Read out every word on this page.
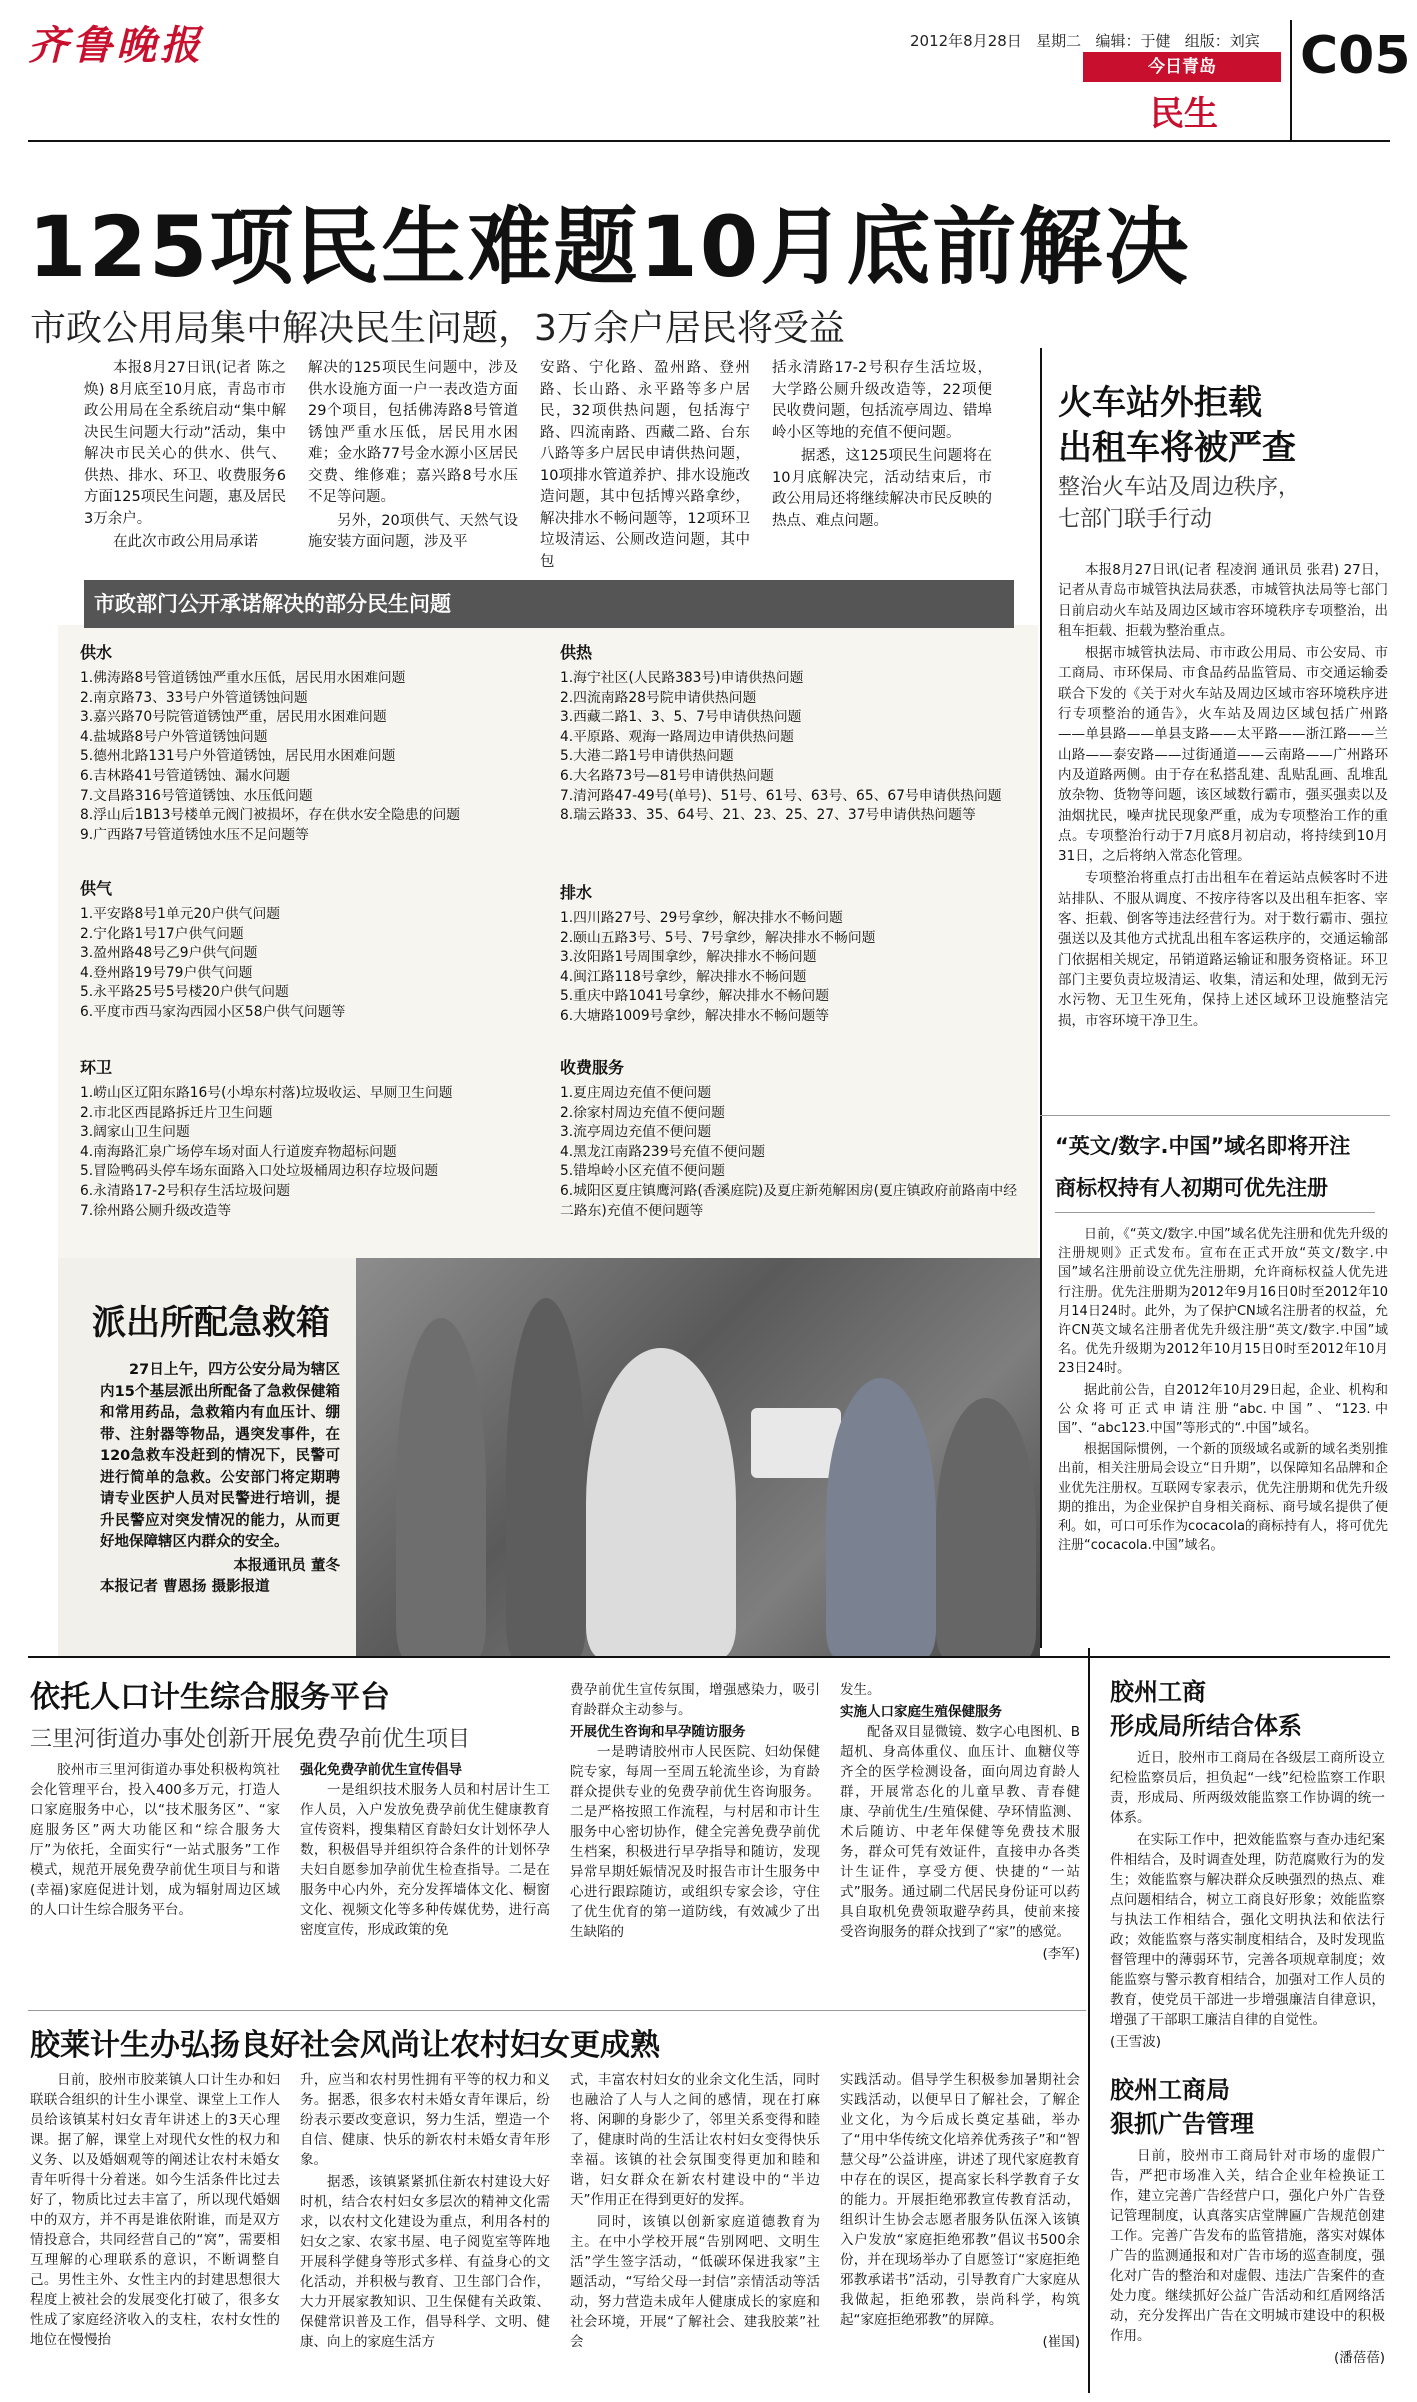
齐鲁晚报	2012年8月28日 星期二 编辑：于健 组版：刘宾
今日青岛
民生
C05
125项民生难题10月底前解决
市政公用局集中解决民生问题，3万余户居民将受益

本报8月27日讯(记者 陈之焕) 8月底至10月底，青岛市市政公用局在全系统启动“集中解决民生问题大行动”活动，集中解决市民关心的供水、供气、供热、排水、环卫、收费服务6方面125项民生问题，惠及居民3万余户。

在此次市政公用局承诺

解决的125项民生问题中，涉及供水设施方面一户一表改造方面29个项目，包括佛涛路8号管道锈蚀严重水压低，居民用水困难；金水路77号金水源小区居民交费、维修难；嘉兴路8号水压不足等问题。

另外，20项供气、天然气设施安装方面问题，涉及平

安路、宁化路、盈州路、登州路、长山路、永平路等多户居民，32项供热问题，包括海宁路、四流南路、西藏二路、台东八路等多户居民申请供热问题，10项排水管道养护、排水设施改造问题，其中包括博兴路拿纱，解决排水不畅问题等，12项环卫垃圾清运、公厕改造问题，其中包

括永清路17-2号积存生活垃圾，大学路公厕升级改造等，22项便民收费问题，包括流亭周边、错埠岭小区等地的充值不便问题。

据悉，这125项民生问题将在10月底解决完，活动结束后，市政公用局还将继续解决市民反映的热点、难点问题。

市政部门公开承诺解决的部分民生问题
供水
1.佛涛路8号管道锈蚀严重水压低，居民用水困难问题
2.南京路73、33号户外管道锈蚀问题
3.嘉兴路70号院管道锈蚀严重，居民用水困难问题
4.盐城路8号户外管道锈蚀问题
5.德州北路131号户外管道锈蚀，居民用水困难问题
6.吉林路41号管道锈蚀、漏水问题
7.文昌路316号管道锈蚀、水压低问题
8.浮山后1B13号楼单元阀门被损坏，存在供水安全隐患的问题
9.广西路7号管道锈蚀水压不足问题等
供热
1.海宁社区(人民路383号)申请供热问题
2.四流南路28号院申请供热问题
3.西藏二路1、3、5、7号申请供热问题
4.平原路、观海一路周边申请供热问题
5.大港二路1号申请供热问题
6.大名路73号—81号申请供热问题
7.清河路47-49号(单号)、51号、61号、63号、65、67号申请供热问题
8.瑞云路33、35、64号、21、23、25、27、37号申请供热问题等
供气
1.平安路8号1单元20户供气问题
2.宁化路1号17户供气问题
3.盈州路48号乙9户供气问题
4.登州路19号79户供气问题
5.永平路25号5号楼20户供气问题
6.平度市西马家沟西园小区58户供气问题等
排水
1.四川路27号、29号拿纱，解决排水不畅问题
2.颐山五路3号、5号、7号拿纱，解决排水不畅问题
3.汝阳路1号周围拿纱，解决排水不畅问题
4.闽江路118号拿纱，解决排水不畅问题
5.重庆中路1041号拿纱，解决排水不畅问题
6.大塘路1009号拿纱，解决排水不畅问题等
环卫
1.崂山区辽阳东路16号(小埠东村落)垃圾收运、早厕卫生问题
2.市北区西昆路拆迁片卫生问题
3.阔家山卫生问题
4.南海路汇泉广场停车场对面人行道废弃物超标问题
5.冒险鸭码头停车场东面路入口处垃圾桶周边积存垃圾问题
6.永清路17-2号积存生活垃圾问题
7.徐州路公厕升级改造等
收费服务
1.夏庄周边充值不便问题
2.徐家村周边充值不便问题
3.流亭周边充值不便问题
4.黑龙江南路239号充值不便问题
5.错埠岭小区充值不便问题
6.城阳区夏庄镇鹰河路(香溪庭院)及夏庄新苑解困房(夏庄镇政府前路南中经二路东)充值不便问题等
派出所配急救箱

27日上午，四方公安分局为辖区内15个基层派出所配备了急救保健箱和常用药品，急救箱内有血压计、绷带、注射器等物品，遇突发事件，在120急救车没赶到的情况下，民警可进行简单的急救。公安部门将定期聘请专业医护人员对民警进行培训，提升民警应对突发情况的能力，从而更好地保障辖区内群众的安全。

本报通讯员 董冬
本报记者 曹恩扬 摄影报道
火车站外拒载
出租车将被严查
整治火车站及周边秩序，
七部门联手行动

本报8月27日讯(记者 程凌润 通讯员 张君) 27日，记者从青岛市城管执法局获悉，市城管执法局等七部门日前启动火车站及周边区域市容环境秩序专项整治，出租车拒载、拒载为整治重点。

根据市城管执法局、市市政公用局、市公安局、市工商局、市环保局、市食品药品监管局、市交通运输委联合下发的《关于对火车站及周边区域市容环境秩序进行专项整治的通告》，火车站及周边区域包括广州路——单县路——单县支路——太平路——浙江路——兰山路——泰安路——过街通道——云南路——广州路环内及道路两侧。由于存在私搭乱建、乱贴乱画、乱堆乱放杂物、货物等问题，该区域数行霸市，强买强卖以及油烟扰民，噪声扰民现象严重，成为专项整治工作的重点。专项整治行动于7月底8月初启动，将持续到10月31日，之后将纳入常态化管理。

专项整治将重点打击出租车在着运站点候客时不进站排队、不服从调度、不按序待客以及出租车拒客、宰客、拒载、倒客等违法经营行为。对于数行霸市、强拉强送以及其他方式扰乱出租车客运秩序的，交通运输部门依据相关规定，吊销道路运输证和服务资格证。环卫部门主要负责垃圾清运、收集，清运和处理，做到无污水污物、无卫生死角，保持上述区域环卫设施整洁完损，市容环境干净卫生。

“英文/数字.中国”域名即将开注
商标权持有人初期可优先注册

日前，《“英文/数字.中国”域名优先注册和优先升级的注册规则》正式发布。宣布在正式开放“英文/数字.中国”域名注册前设立优先注册期，允许商标权益人优先进行注册。优先注册期为2012年9月16日0时至2012年10月14日24时。此外，为了保护CN域名注册者的权益，允许CN英文域名注册者优先升级注册“英文/数字.中国”域名。优先升级期为2012年10月15日0时至2012年10月23日24时。

据此前公告，自2012年10月29日起，企业、机构和公众将可正式申请注册“abc.中国”、“123.中国”、“abc123.中国”等形式的“.中国”域名。

根据国际惯例，一个新的顶级域名或新的域名类别推出前，相关注册局会设立“日升期”，以保障知名品牌和企业优先注册权。互联网专家表示，优先注册期和优先升级期的推出，为企业保护自身相关商标、商号域名提供了便利。如，可口可乐作为cocacola的商标持有人，将可优先注册“cocacola.中国”域名。

依托人口计生综合服务平台
三里河街道办事处创新开展免费孕前优生项目

胶州市三里河街道办事处积极构筑社会化管理平台，投入400多万元，打造人口家庭服务中心，以“技术服务区”、“家庭服务区”两大功能区和“综合服务大厅”为依托，全面实行“一站式服务”工作模式，规范开展免费孕前优生项目与和谐(幸福)家庭促进计划，成为辐射周边区域的人口计生综合服务平台。

强化免费孕前优生宣传倡导

一是组织技术服务人员和村居计生工作人员，入户发放免费孕前优生健康教育宣传资料，搜集精区育龄妇女计划怀孕人数，积极倡导并组织符合条件的计划怀孕夫妇自愿参加孕前优生检查指导。二是在服务中心内外，充分发挥墙体文化、橱窗文化、视频文化等多种传媒优势，进行高密度宣传，形成政策的免

费孕前优生宣传氛围，增强感染力，吸引育龄群众主动参与。

开展优生咨询和早孕随访服务

一是聘请胶州市人民医院、妇幼保健院专家，每周一至周五轮流坐诊，为育龄群众提供专业的免费孕前优生咨询服务。二是严格按照工作流程，与村居和市计生服务中心密切协作，健全完善免费孕前优生档案，积极进行早孕指导和随访，发现异常早期妊娠情况及时报告市计生服务中心进行跟踪随访，或组织专家会诊，守住了优生优育的第一道防线，有效减少了出生缺陷的

发生。

实施人口家庭生殖保健服务

配备双目显微镜、数字心电图机、B超机、身高体重仪、血压计、血糖仪等齐全的医学检测设备，面向周边育龄人群，开展常态化的儿童早教、青春健康、孕前优生/生殖保健、孕环情监测、术后随访、中老年保健等免费技术服务，群众可凭有效证件，直接申办各类计生证件，享受方便、快捷的“一站式”服务。通过刷二代居民身份证可以药具自取机免费领取避孕药具，使前来接受咨询服务的群众找到了“家”的感觉。

(李军)
胶莱计生办弘扬良好社会风尚让农村妇女更成熟

日前，胶州市胶莱镇人口计生办和妇联联合组织的计生小课堂、课堂上工作人员给该镇某村妇女青年讲述上的3天心理课。据了解，课堂上对现代女性的权力和义务、以及婚姻观等的阐述让农村未婚女青年听得十分着迷。如今生活条件比过去好了，物质比过去丰富了，所以现代婚姻中的双方，并不再是谁依附谁，而是双方情投意合，共同经营自己的“窝”，需要相互理解的心理联系的意识，不断调整自己。男性主外、女性主内的封建思想很大程度上被社会的发展变化打破了，很多女性成了家庭经济收入的支柱，农村女性的地位在慢慢抬

升，应当和农村男性拥有平等的权力和义务。据悉，很多农村未婚女青年课后，纷纷表示要改变意识，努力生活，塑造一个自信、健康、快乐的新农村未婚女青年形象。

据悉，该镇紧紧抓住新农村建设大好时机，结合农村妇女多层次的精神文化需求，以农村文化建设为重点，利用各村的妇女之家、农家书屋、电子阅览室等阵地开展科学健身等形式多样、有益身心的文化活动，并积极与教育、卫生部门合作，大力开展家教知识、卫生保健有关政策、保健常识普及工作，倡导科学、文明、健康、向上的家庭生活方

式，丰富农村妇女的业余文化生活，同时也融洽了人与人之间的感情，现在打麻将、闲聊的身影少了，邻里关系变得和睦了，健康时尚的生活让农村妇女变得快乐幸福。该镇的社会氛围变得更加和睦和谐，妇女群众在新农村建设中的“半边天”作用正在得到更好的发挥。

同时，该镇以创新家庭道德教育为主。在中小学校开展“告别网吧、文明生活”学生签字活动，“低碳环保进我家”主题活动，“写给父母一封信”亲情活动等活动，努力营造未成年人健康成长的家庭和社会环境，开展“了解社会、建我胶莱”社会

实践活动。倡导学生积极参加暑期社会实践活动，以便早日了解社会，了解企业文化，为今后成长奠定基础，举办了“用中华传统文化培养优秀孩子”和“智慧父母”公益讲座，讲述了现代家庭教育中存在的误区，提高家长科学教育子女的能力。开展拒绝邪教宣传教育活动，组织计生协会志愿者服务队伍深入该镇入户发放“家庭拒绝邪教”倡议书500余份，并在现场举办了自愿签订“家庭拒绝邪教承诺书”活动，引导教育广大家庭从我做起，拒绝邪教，崇尚科学，构筑起“家庭拒绝邪教”的屏障。

(崔国)
胶州工商
形成局所结合体系

近日，胶州市工商局在各级层工商所设立纪检监察员后，担负起“一线”纪检监察工作职责，形成局、所两级效能监察工作协调的统一体系。

在实际工作中，把效能监察与查办违纪案件相结合，及时调查处理，防范腐败行为的发生；效能监察与解决群众反映强烈的热点、难点问题相结合，树立工商良好形象；效能监察与执法工作相结合，强化文明执法和依法行政；效能监察与落实制度相结合，及时发现监督管理中的薄弱环节，完善各项规章制度；效能监察与警示教育相结合，加强对工作人员的教育，使党员干部进一步增强廉洁自律意识，增强了干部职工廉洁自律的自觉性。

(王雪波)
胶州工商局
狠抓广告管理

日前，胶州市工商局针对市场的虚假广告，严把市场准入关，结合企业年检换证工作，建立完善广告经营户口，强化户外广告登记管理制度，认真落实店堂牌匾广告规范创建工作。完善广告发布的监管措施，落实对媒体广告的监测通报和对广告市场的巡查制度，强化对广告的整治和对虚假、违法广告案件的查处力度。继续抓好公益广告活动和红盾网络活动，充分发挥出广告在文明城市建设中的积极作用。

(潘蓓蓓)
